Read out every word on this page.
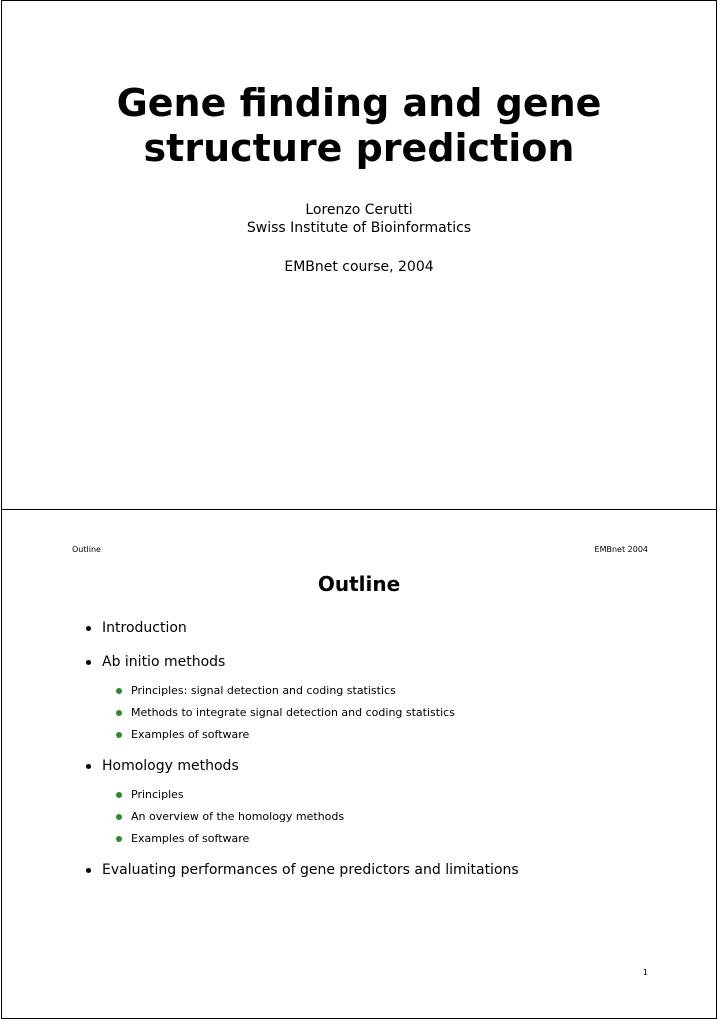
Gene finding and gene
structure prediction
Lorenzo Cerutti
Swiss Institute of Bioinformatics
EMBnet course, 2004
Outline	EMBnet 2004
Outline
Introduction
Ab initio methods
Principles: signal detection and coding statistics
Methods to integrate signal detection and coding statistics
Examples of software
Homology methods
Principles
An overview of the homology methods
Examples of software
Evaluating performances of gene predictors and limitations
1
